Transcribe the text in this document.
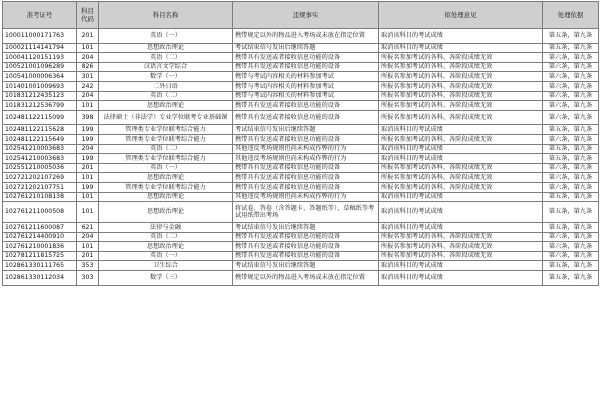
准考证号	科目代码	科目名称	违规事实	拟处理意见	处理依据
100011000171763	201	英语（一）	携带规定以外的物品进入考场或未放在指定位置	取消该科目的考试成绩	第五条，第九条
100021114141794	101	思想政治理论	考试结束信号发出后继续答题	取消该科目的考试成绩	第五条，第九条
100041120151193	204	英语（二）	携带具有发送或者接收信息功能的设备	所报名参加考试的各科、各阶段成绩无效	第六条，第九条
100521001096289	826	汉语言文学综合	携带具有发送或者接收信息功能的设备	所报名参加考试的各科、各阶段成绩无效	第六条，第九条
100541000006364	301	数学（一）	携带与考试内容相关的材料参加考试	所报名参加考试的各科、各阶段成绩无效	第六条，第九条
101401001009693	242	二外日语	携带与考试内容相关的材料参加考试	所报名参加考试的各科、各阶段成绩无效	第六条，第九条
101831212435123	204	英语（二）	携带与考试内容相关的材料参加考试	所报名参加考试的各科、各阶段成绩无效	第六条，第九条
101831212536799	101	思想政治理论	携带具有发送或者接收信息功能的设备	所报名参加考试的各科、各阶段成绩无效	第六条，第九条
102481122115099	398	法律硕士（非法学）专业学位联考专业基础课	携带具有发送或者接收信息功能的设备	所报名参加考试的各科、各阶段成绩无效	第六条，第九条
102481122115628	199	管理类专业学位联考综合能力	考试结束信号发出后继续答题	取消该科目的考试成绩	第五条，第九条
102481122115649	199	管理类专业学位联考综合能力	携带具有发送或者接收信息功能的设备	所报名参加考试的各科、各阶段成绩无效	第六条，第九条
102541210003683	204	英语（二）	其他违反考场规则但尚未构成作弊的行为	取消该科目的考试成绩	第五条，第九条
102541210003683	199	管理类专业学位联考综合能力	其他违反考场规则但尚未构成作弊的行为	取消该科目的考试成绩	第五条，第九条
102551210005036	201	英语（一）	携带具有发送或者接收信息功能的设备	所报名参加考试的各科、各阶段成绩无效	第六条，第九条
102721202107269	101	思想政治理论	携带具有发送或者接收信息功能的设备	所报名参加考试的各科、各阶段成绩无效	第六条，第九条
102721202107751	199	管理类专业学位联考综合能力	携带具有发送或者接收信息功能的设备	所报名参加考试的各科、各阶段成绩无效	第六条，第九条
102761210108138	101	思想政治理论	其他违反考场规则但尚未构成作弊的行为	取消该科目的考试成绩	第五条，第九条
102761211000508	101	思想政治理论	将试卷、答卷（含答题卡、答题纸等）、草稿纸等考试用纸带出考场	取消该科目的考试成绩	第五条，第九条
102761211600087	621	法律与金融	考试结束信号发出后继续答题	取消该科目的考试成绩	第五条，第九条
102761214400910	204	英语（二）	携带具有发送或者接收信息功能的设备	所报名参加考试的各科、各阶段成绩无效	第六条，第九条
102761210001836	101	思想政治理论	携带具有发送或者接收信息功能的设备	所报名参加考试的各科、各阶段成绩无效	第六条，第九条
102781211815725	201	英语（一）	携带具有发送或者接收信息功能的设备	所报名参加考试的各科、各阶段成绩无效	第六条，第九条
102861330111765	353	卫生综合	考试结束信号发出后继续答题	取消该科目的考试成绩	第五条，第九条
102861330112034	303	数学（三）	携带规定以外的物品进入考场或未放在指定位置	取消该科目的考试成绩	第五条，第九条
